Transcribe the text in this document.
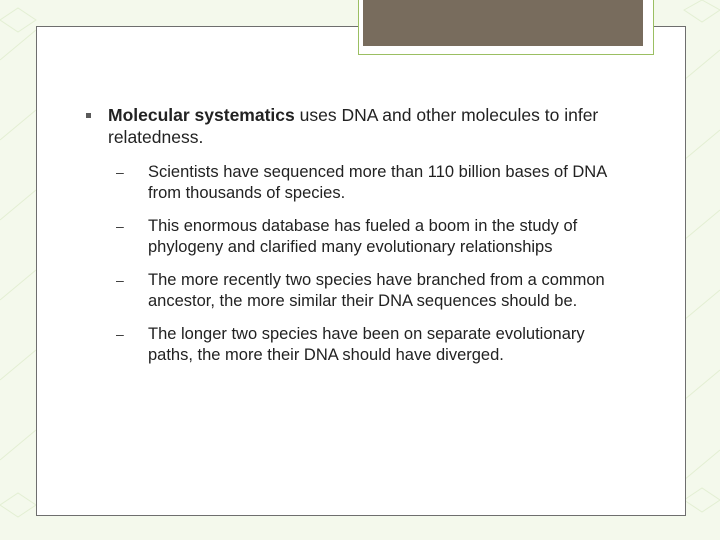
Molecular systematics uses DNA and other molecules to infer relatedness.
– Scientists have sequenced more than 110 billion bases of DNA from thousands of species.
– This enormous database has fueled a boom in the study of phylogeny and clarified many evolutionary relationships
– The more recently two species have branched from a common ancestor, the more similar their DNA sequences should be.
– The longer two species have been on separate evolutionary paths, the more their DNA should have diverged.
